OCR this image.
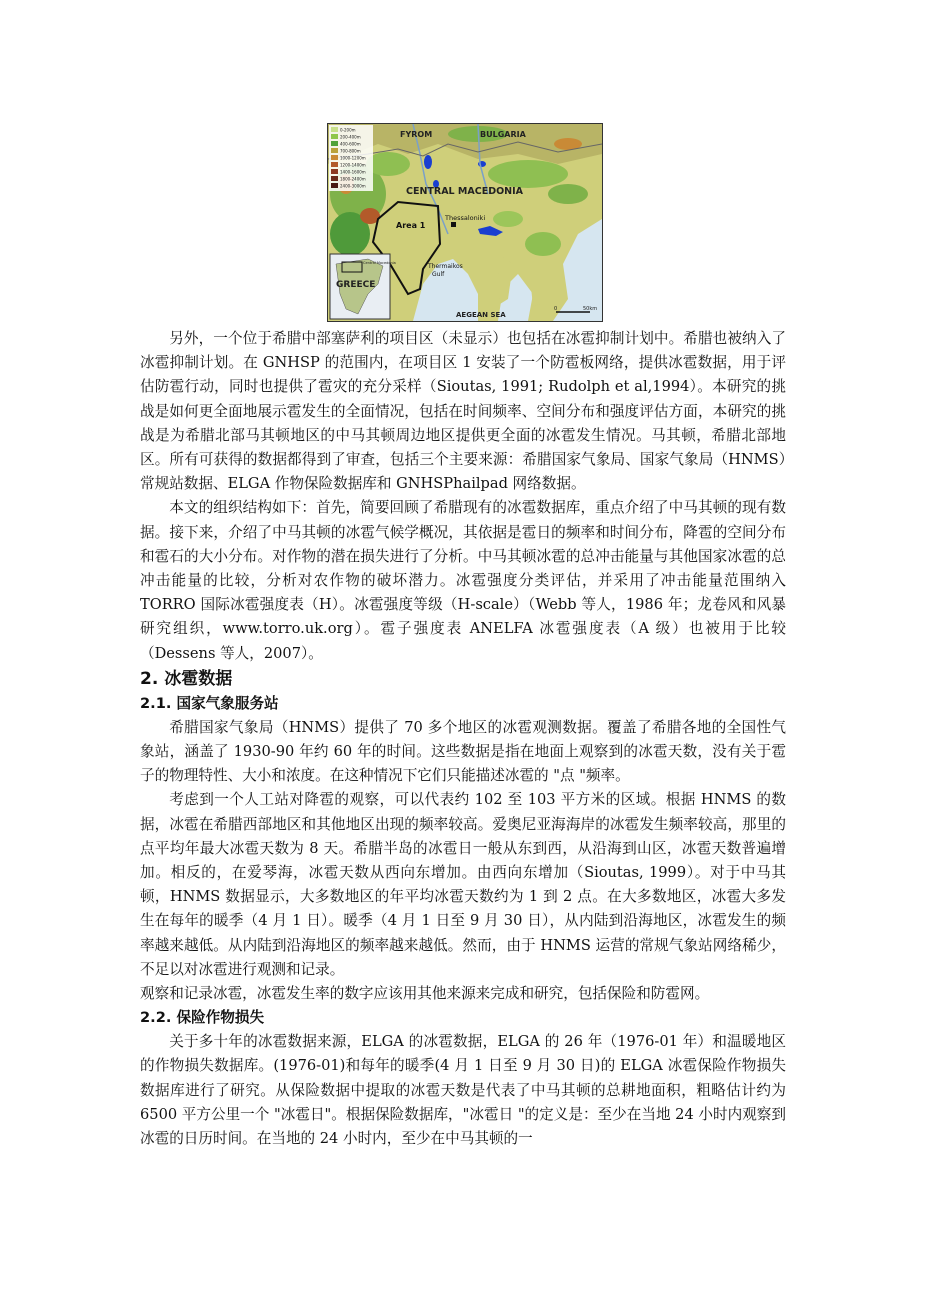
0-200m
200-400m
400-600m
700-800m
1000-1200m
1200-1400m
1400-1600m
1800-2400m
2400-3000m
FYROM	BULGARIA
CENTRAL MACEDONIA
Area 1
Thessaloniki
Thermaikos
Gulf
GREECE
Central Macedonia
AEGEAN SEA
0	50km

另外，一个位于希腊中部塞萨利的项目区（未显示）也包括在冰雹抑制计划中。希腊也被纳入了冰雹抑制计划。在 GNHSP 的范围内，在项目区 1 安装了一个防雹板网络，提供冰雹数据，用于评估防雹行动，同时也提供了雹灾的充分采样（Sioutas, 1991; Rudolph et al,1994）。本研究的挑战是如何更全面地展示雹发生的全面情况，包括在时间频率、空间分布和强度评估方面，本研究的挑战是为希腊北部马其顿地区的中马其顿周边地区提供更全面的冰雹发生情况。马其顿，希腊北部地区。所有可获得的数据都得到了审查，包括三个主要来源：希腊国家气象局、国家气象局（HNMS）常规站数据、ELGA 作物保险数据库和 GNHSPhailpad 网络数据。

本文的组织结构如下：首先，简要回顾了希腊现有的冰雹数据库，重点介绍了中马其顿的现有数据。接下来，介绍了中马其顿的冰雹气候学概况，其依据是雹日的频率和时间分布，降雹的空间分布和雹石的大小分布。对作物的潜在损失进行了分析。中马其顿冰雹的总冲击能量与其他国家冰雹的总冲击能量的比较，分析对农作物的破坏潜力。冰雹强度分类评估，并采用了冲击能量范围纳入 TORRO 国际冰雹强度表（H）。冰雹强度等级（H-scale）（Webb 等人，1986 年；龙卷风和风暴研究组织，www.torro.uk.org）。雹子强度表 ANELFA 冰雹强度表（A 级）也被用于比较（Dessens 等人，2007）。

2. 冰雹数据
2.1. 国家气象服务站

希腊国家气象局（HNMS）提供了 70 多个地区的冰雹观测数据。覆盖了希腊各地的全国性气象站，涵盖了 1930-90 年约 60 年的时间。这些数据是指在地面上观察到的冰雹天数，没有关于雹子的物理特性、大小和浓度。在这种情况下它们只能描述冰雹的 "点 "频率。

考虑到一个人工站对降雹的观察，可以代表约 102 至 103 平方米的区域。根据 HNMS 的数据，冰雹在希腊西部地区和其他地区出现的频率较高。爱奥尼亚海海岸的冰雹发生频率较高，那里的点平均年最大冰雹天数为 8 天。希腊半岛的冰雹日一般从东到西，从沿海到山区，冰雹天数普遍增加。相反的，在爱琴海，冰雹天数从西向东增加。由西向东增加（Sioutas, 1999）。对于中马其顿，HNMS 数据显示，大多数地区的年平均冰雹天数约为 1 到 2 点。在大多数地区，冰雹大多发生在每年的暖季（4 月 1 日）。暖季（4 月 1 日至 9 月 30 日），从内陆到沿海地区，冰雹发生的频率越来越低。从内陆到沿海地区的频率越来越低。然而，由于 HNMS 运营的常规气象站网络稀少，不足以对冰雹进行观测和记录。

观察和记录冰雹，冰雹发生率的数字应该用其他来源来完成和研究，包括保险和防雹网。

2.2. 保险作物损失

关于多十年的冰雹数据来源，ELGA 的冰雹数据，ELGA 的 26 年（1976-01 年）和温暖地区的作物损失数据库。(1976-01)和每年的暖季(4 月 1 日至 9 月 30 日)的 ELGA 冰雹保险作物损失数据库进行了研究。从保险数据中提取的冰雹天数是代表了中马其顿的总耕地面积，粗略估计约为 6500 平方公里一个 "冰雹日"。根据保险数据库，"冰雹日 "的定义是：至少在当地 24 小时内观察到冰雹的日历时间。在当地的 24 小时内，至少在中马其顿的一
